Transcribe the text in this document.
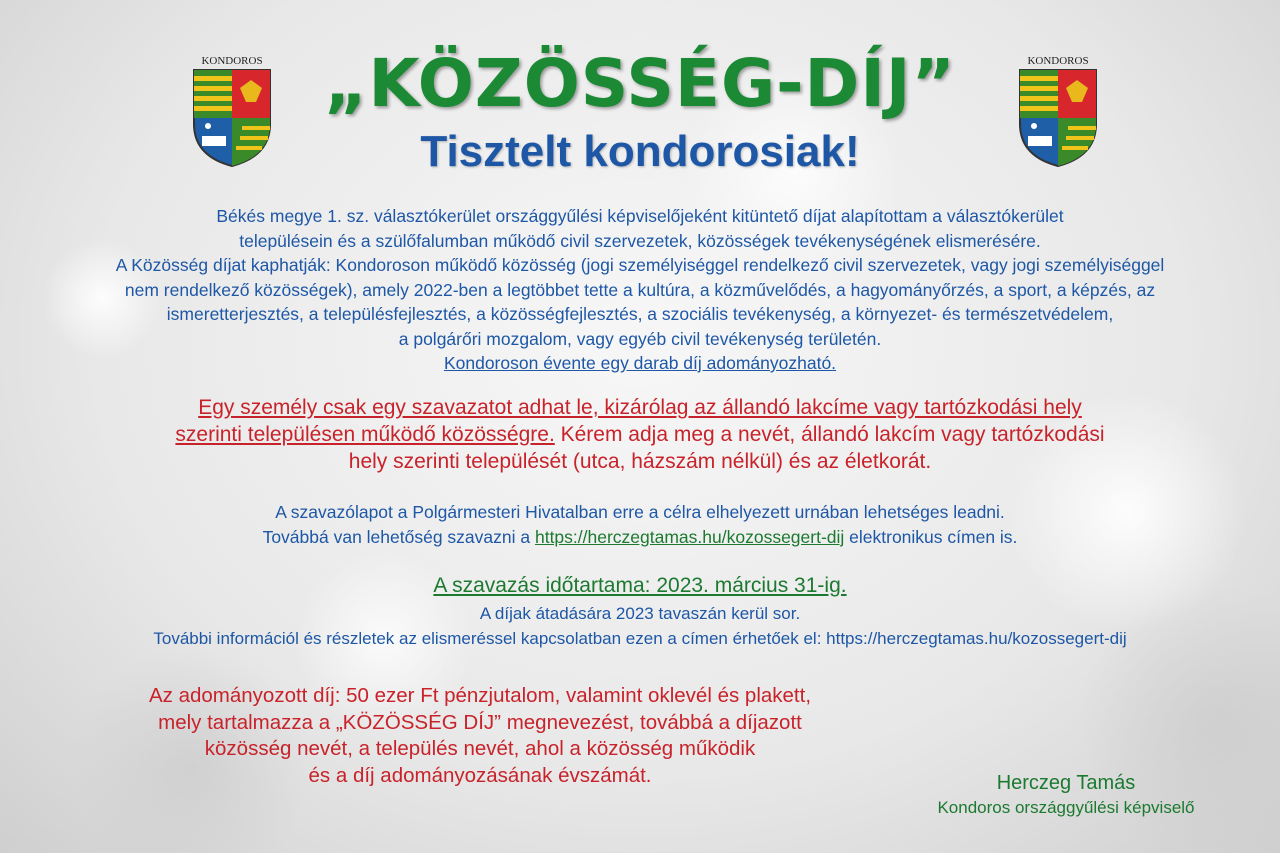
KONDOROS	KONDOROS
„KÖZÖSSÉG-DÍJ”
Tisztelt kondorosiak!

Békés megye 1. sz. választókerület országgyűlési képviselőjeként kitüntető díjat alapítottam a választókerület

településein és a szülőfalumban működő civil szervezetek, közösségek tevékenységének elismerésére.

A Közösség díjat kaphatják: Kondoroson működő közösség (jogi személyiséggel rendelkező civil szervezetek, vagy jogi személyiséggel

nem rendelkező közösségek), amely 2022-ben a legtöbbet tette a kultúra, a közművelődés, a hagyományőrzés, a sport, a képzés, az

ismeretterjesztés, a településfejlesztés, a közösségfejlesztés, a szociális tevékenység, a környezet- és természetvédelem,

a polgárőri mozgalom, vagy egyéb civil tevékenység területén.

Kondoroson évente egy darab díj adományozható.

Egy személy csak egy szavazatot adhat le, kizárólag az állandó lakcíme vagy tartózkodási hely

szerinti településen működő közösségre. Kérem adja meg a nevét, állandó lakcím vagy tartózkodási

hely szerinti települését (utca, házszám nélkül) és az életkorát.

A szavazólapot a Polgármesteri Hivatalban erre a célra elhelyezett urnában lehetséges leadni.

Továbbá van lehetőség szavazni a https://herczegtamas.hu/kozossegert-dij elektronikus címen is.

A szavazás időtartama: 2023. március 31-ig.

A díjak átadására 2023 tavaszán kerül sor.

További információl és részletek az elismeréssel kapcsolatban ezen a címen érhetőek el: https://herczegtamas.hu/kozossegert-dij

Az adományozott díj: 50 ezer Ft pénzjutalom, valamint oklevél és plakett,

mely tartalmazza a „KÖZÖSSÉG DÍJ” megnevezést, továbbá a díjazott

közösség nevét, a település nevét, ahol a közösség működik

és a díj adományozásának évszámát.	Herczeg Tamás

Kondoros országgyűlési képviselő
